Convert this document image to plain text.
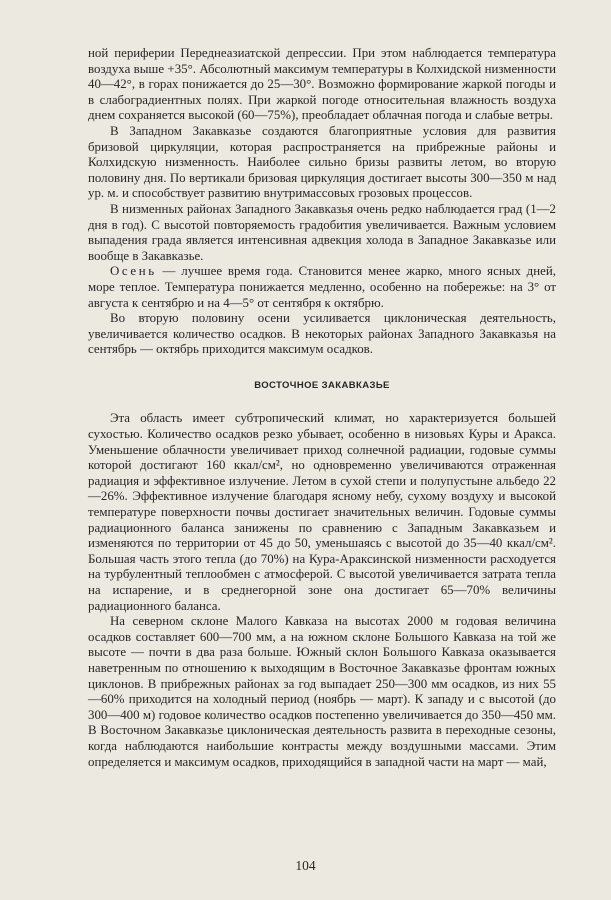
ной периферии Переднеазиатской депрессии. При этом наблюдается температура воздуха выше +35°. Абсолютный максимум температуры в Колхидской низменности 40—42°, в горах понижается до 25—30°. Возможно формирование жаркой погоды и в слабоградиентных полях. При жаркой погоде относительная влажность воздуха днем сохраняется высокой (60—75%), преобладает облачная погода и слабые ветры.

В Западном Закавказье создаются благоприятные условия для развития бризовой циркуляции, которая распространяется на прибрежные районы и Колхидскую низменность. Наиболее сильно бризы развиты летом, во вторую половину дня. По вертикали бризовая циркуляция достигает высоты 300—350 м над ур. м. и способствует развитию внутримассовых грозовых процессов.

В низменных районах Западного Закавказья очень редко наблюдается град (1—2 дня в год). С высотой повторяемость градобития увеличивается. Важным условием выпадения града является интенсивная адвекция холода в Западное Закавказье или вообще в Закавказье.

Осень — лучшее время года. Становится менее жарко, много ясных дней, море теплое. Температура понижается медленно, особенно на побережье: на 3° от августа к сентябрю и на 4—5° от сентября к октябрю.

Во вторую половину осени усиливается циклоническая деятельность, увеличивается количество осадков. В некоторых районах Западного Закавказья на сентябрь — октябрь приходится максимум осадков.

ВОСТОЧНОЕ ЗАКАВКАЗЬЕ

Эта область имеет субтропический климат, но характеризуется большей сухостью. Количество осадков резко убывает, особенно в низовьях Куры и Аракса. Уменьшение облачности увеличивает приход солнечной радиации, годовые суммы которой достигают 160 ккал/см², но одновременно увеличиваются отраженная радиация и эффективное излучение. Летом в сухой степи и полупустыне альбедо 22—26%. Эффективное излучение благодаря ясному небу, сухому воздуху и высокой температуре поверхности почвы достигает значительных величин. Годовые суммы радиационного баланса занижены по сравнению с Западным Закавказьем и изменяются по территории от 45 до 50, уменьшаясь с высотой до 35—40 ккал/см². Большая часть этого тепла (до 70%) на Кура-Араксинской низменности расходуется на турбулентный теплообмен с атмосферой. С высотой увеличивается затрата тепла на испарение, и в среднегорной зоне она достигает 65—70% величины радиационного баланса.

На северном склоне Малого Кавказа на высотах 2000 м годовая величина осадков составляет 600—700 мм, а на южном склоне Большого Кавказа на той же высоте — почти в два раза больше. Южный склон Большого Кавказа оказывается наветренным по отношению к выходящим в Восточное Закавказье фронтам южных циклонов. В прибрежных районах за год выпадает 250—300 мм осадков, из них 55—60% приходится на холодный период (ноябрь — март). К западу и с высотой (до 300—400 м) годовое количество осадков постепенно увеличивается до 350—450 мм. В Восточном Закавказье циклоническая деятельность развита в переходные сезоны, когда наблюдаются наибольшие контрасты между воздушными массами. Этим определяется и максимум осадков, приходящийся в западной части на март — май,

104
